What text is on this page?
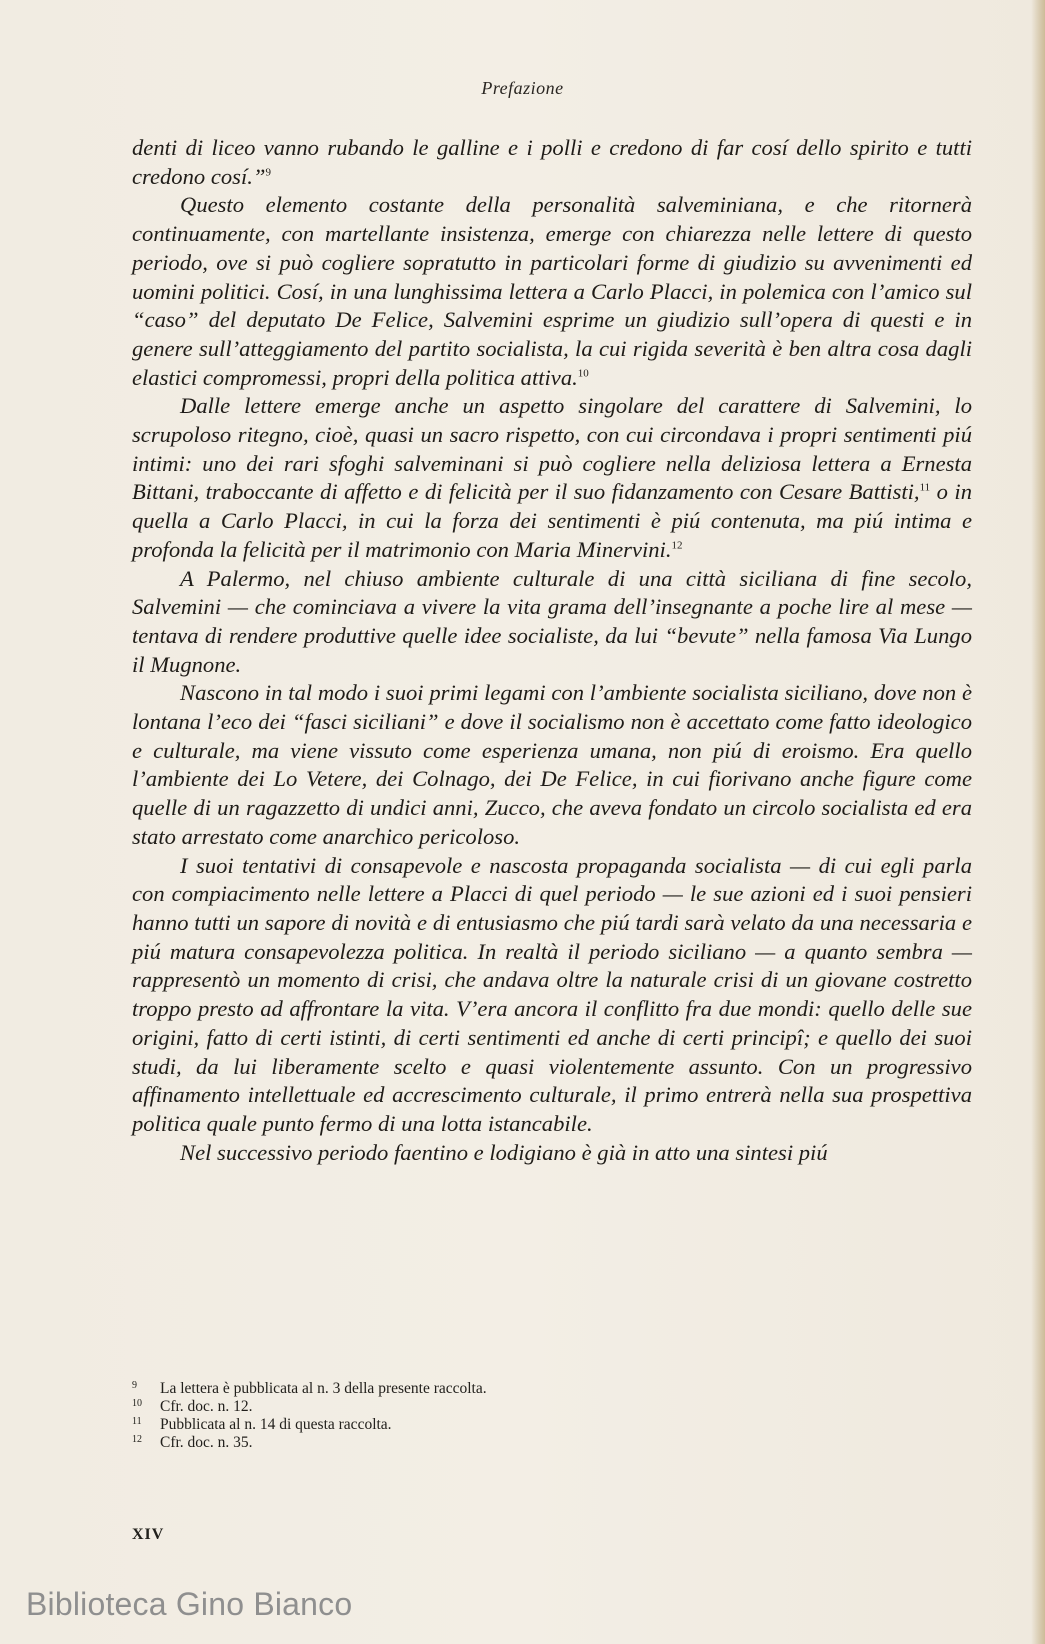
Prefazione

denti di liceo vanno rubando le galline e i polli e credono di far cosí dello spirito e tutti credono cosí.”$^9$

Questo elemento costante della personalità salveminiana, e che ritornerà continuamente, con martellante insistenza, emerge con chiarezza nelle lettere di questo periodo, ove si può cogliere sopratutto in particolari forme di giudizio su avvenimenti ed uomini politici. Cosí, in una lunghissima lettera a Carlo Placci, in polemica con l’amico sul “caso” del deputato De Felice, Salvemini esprime un giudizio sull’opera di questi e in genere sull’atteggiamento del partito socialista, la cui rigida severità è ben altra cosa dagli elastici compromessi, propri della politica attiva.$^{10}$

Dalle lettere emerge anche un aspetto singolare del carattere di Salvemini, lo scrupoloso ritegno, cioè, quasi un sacro rispetto, con cui circondava i propri sentimenti piú intimi: uno dei rari sfoghi salveminani si può cogliere nella deliziosa lettera a Ernesta Bittani, traboccante di affetto e di felicità per il suo fidanzamento con Cesare Battisti,$^{11}$ o in quella a Carlo Placci, in cui la forza dei sentimenti è piú contenuta, ma piú intima e profonda la felicità per il matrimonio con Maria Minervini.$^{12}$

A Palermo, nel chiuso ambiente culturale di una città siciliana di fine secolo, Salvemini — che cominciava a vivere la vita grama dell’insegnante a poche lire al mese — tentava di rendere produttive quelle idee socialiste, da lui “bevute” nella famosa Via Lungo il Mugnone.

Nascono in tal modo i suoi primi legami con l’ambiente socialista siciliano, dove non è lontana l’eco dei “fasci siciliani” e dove il socialismo non è accettato come fatto ideologico e culturale, ma viene vissuto come esperienza umana, non piú di eroismo. Era quello l’ambiente dei Lo Vetere, dei Colnago, dei De Felice, in cui fiorivano anche figure come quelle di un ragazzetto di undici anni, Zucco, che aveva fondato un circolo socialista ed era stato arrestato come anarchico pericoloso.

I suoi tentativi di consapevole e nascosta propaganda socialista — di cui egli parla con compiacimento nelle lettere a Placci di quel periodo — le sue azioni ed i suoi pensieri hanno tutti un sapore di novità e di entusiasmo che piú tardi sarà velato da una necessaria e piú matura consapevolezza politica. In realtà il periodo siciliano — a quanto sembra — rappresentò un momento di crisi, che andava oltre la naturale crisi di un giovane costretto troppo presto ad affrontare la vita. V’era ancora il conflitto fra due mondi: quello delle sue origini, fatto di certi istinti, di certi sentimenti ed anche di certi principî; e quello dei suoi studi, da lui liberamente scelto e quasi violentemente assunto. Con un progressivo affinamento intellettuale ed accrescimento culturale, il primo entrerà nella sua prospettiva politica quale punto fermo di una lotta istancabile.

Nel successivo periodo faentino e lodigiano è già in atto una sintesi piú

9	La lettera è pubblicata al n. 3 della presente raccolta.
10	Cfr. doc. n. 12.
11	Pubblicata al n. 14 di questa raccolta.
12	Cfr. doc. n. 35.
XIV
Biblioteca Gino Bianco
